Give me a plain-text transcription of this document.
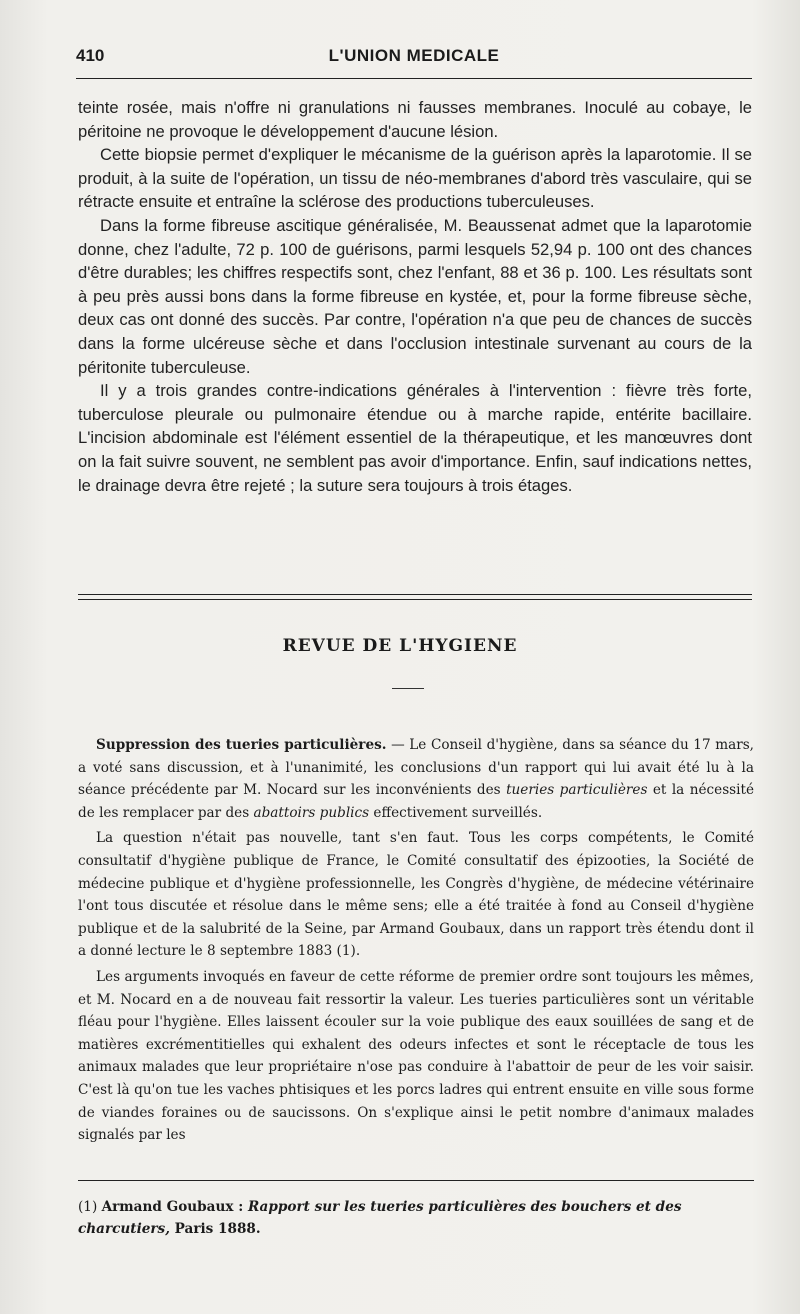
410	L'UNION MEDICALE

teinte rosée, mais n'offre ni granulations ni fausses membranes. Inoculé au cobaye, le péritoine ne provoque le développement d'aucune lésion.

Cette biopsie permet d'expliquer le mécanisme de la guérison après la laparotomie. Il se produit, à la suite de l'opération, un tissu de néo-membranes d'abord très vasculaire, qui se rétracte ensuite et entraîne la sclérose des productions tuberculeuses.

Dans la forme fibreuse ascitique généralisée, M. Beaussenat admet que la laparotomie donne, chez l'adulte, 72 p. 100 de guérisons, parmi lesquels 52,94 p. 100 ont des chances d'être durables; les chiffres respectifs sont, chez l'enfant, 88 et 36 p. 100. Les résultats sont à peu près aussi bons dans la forme fibreuse en kystée, et, pour la forme fibreuse sèche, deux cas ont donné des succès. Par contre, l'opération n'a que peu de chances de succès dans la forme ulcéreuse sèche et dans l'occlusion intestinale survenant au cours de la péritonite tuberculeuse.

Il y a trois grandes contre-indications générales à l'intervention : fièvre très forte, tuberculose pleurale ou pulmonaire étendue ou à marche rapide, entérite bacillaire. L'incision abdominale est l'élément essentiel de la thérapeutique, et les manœuvres dont on la fait suivre souvent, ne semblent pas avoir d'importance. Enfin, sauf indications nettes, le drainage devra être rejeté ; la suture sera toujours à trois étages.

REVUE DE L'HYGIENE

Suppression des tueries particulières. — Le Conseil d'hygiène, dans sa séance du 17 mars, a voté sans discussion, et à l'unanimité, les conclusions d'un rapport qui lui avait été lu à la séance précédente par M. Nocard sur les inconvénients des tueries particulières et la nécessité de les remplacer par des abattoirs publics effectivement surveillés.

La question n'était pas nouvelle, tant s'en faut. Tous les corps compétents, le Comité consultatif d'hygiène publique de France, le Comité consultatif des épizooties, la Société de médecine publique et d'hygiène professionnelle, les Congrès d'hygiène, de médecine vétérinaire l'ont tous discutée et résolue dans le même sens; elle a été traitée à fond au Conseil d'hygiène publique et de la salubrité de la Seine, par Armand Goubaux, dans un rapport très étendu dont il a donné lecture le 8 septembre 1883 (1).

Les arguments invoqués en faveur de cette réforme de premier ordre sont toujours les mêmes, et M. Nocard en a de nouveau fait ressortir la valeur. Les tueries particulières sont un véritable fléau pour l'hygiène. Elles laissent écouler sur la voie publique des eaux souillées de sang et de matières excrémentitielles qui exhalent des odeurs infectes et sont le réceptacle de tous les animaux malades que leur propriétaire n'ose pas conduire à l'abattoir de peur de les voir saisir. C'est là qu'on tue les vaches phtisiques et les porcs ladres qui entrent ensuite en ville sous forme de viandes foraines ou de saucissons. On s'explique ainsi le petit nombre d'animaux malades signalés par les

(1) Armand Goubaux : Rapport sur les tueries particulières des bouchers et des charcutiers, Paris 1888.
